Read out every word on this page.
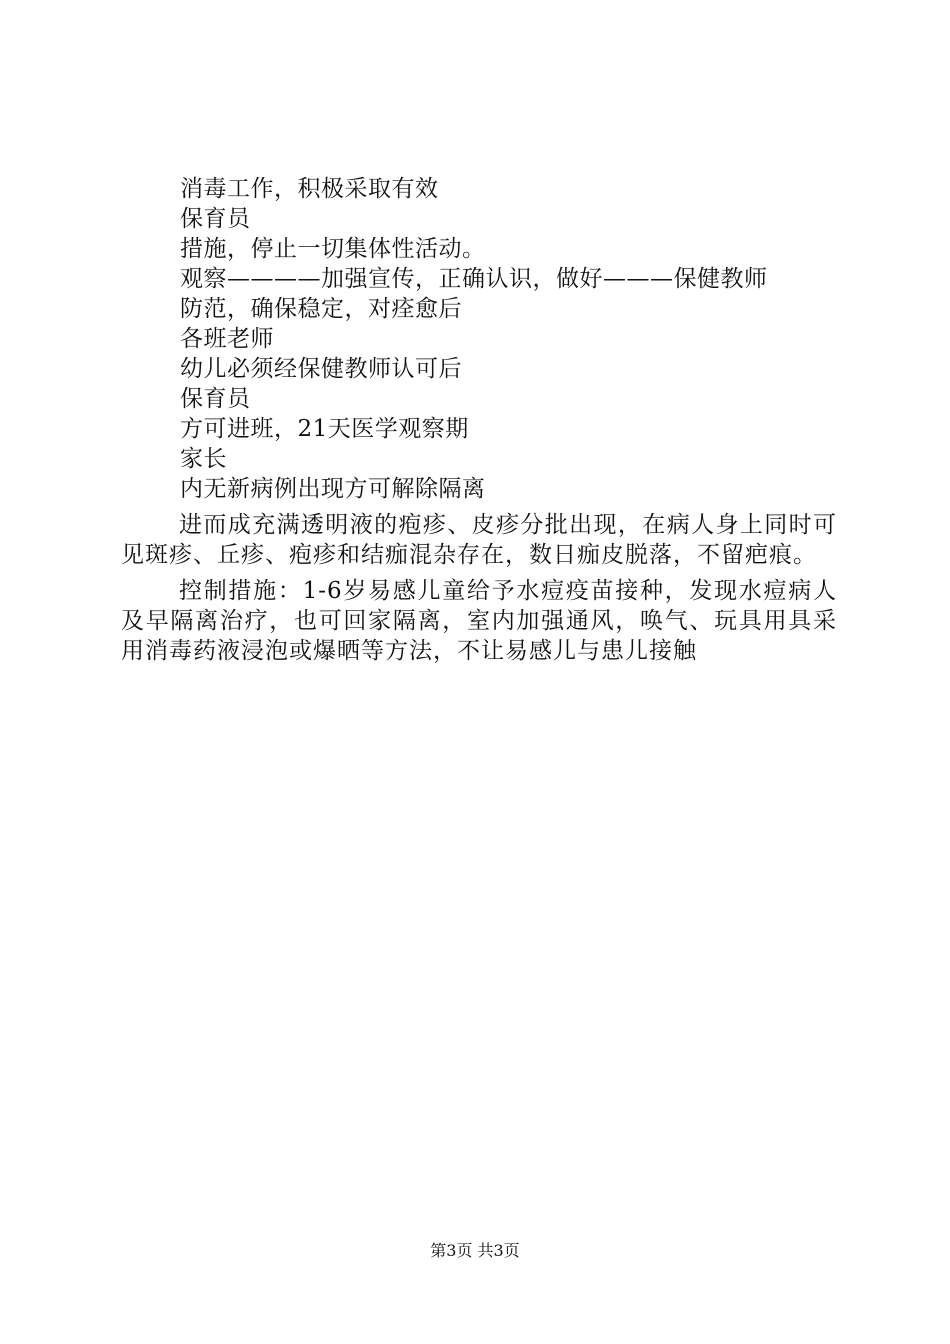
消毒工作，积极采取有效
保育员
措施，停止一切集体性活动。
观察————加强宣传，正确认识，做好———保健教师
防范，确保稳定，对痊愈后
各班老师
幼儿必须经保健教师认可后
保育员
方可进班，21天医学观察期
家长
内无新病例出现方可解除隔离

进而成充满透明液的疱疹、皮疹分批出现，在病人身上同时可见斑疹、丘疹、疱疹和结痂混杂存在，数日痂皮脱落，不留疤痕。

控制措施：1-6岁易感儿童给予水痘疫苗接种，发现水痘病人及早隔离治疗，也可回家隔离，室内加强通风，唤气、玩具用具采用消毒药液浸泡或爆晒等方法，不让易感儿与患儿接触

第3页 共3页
